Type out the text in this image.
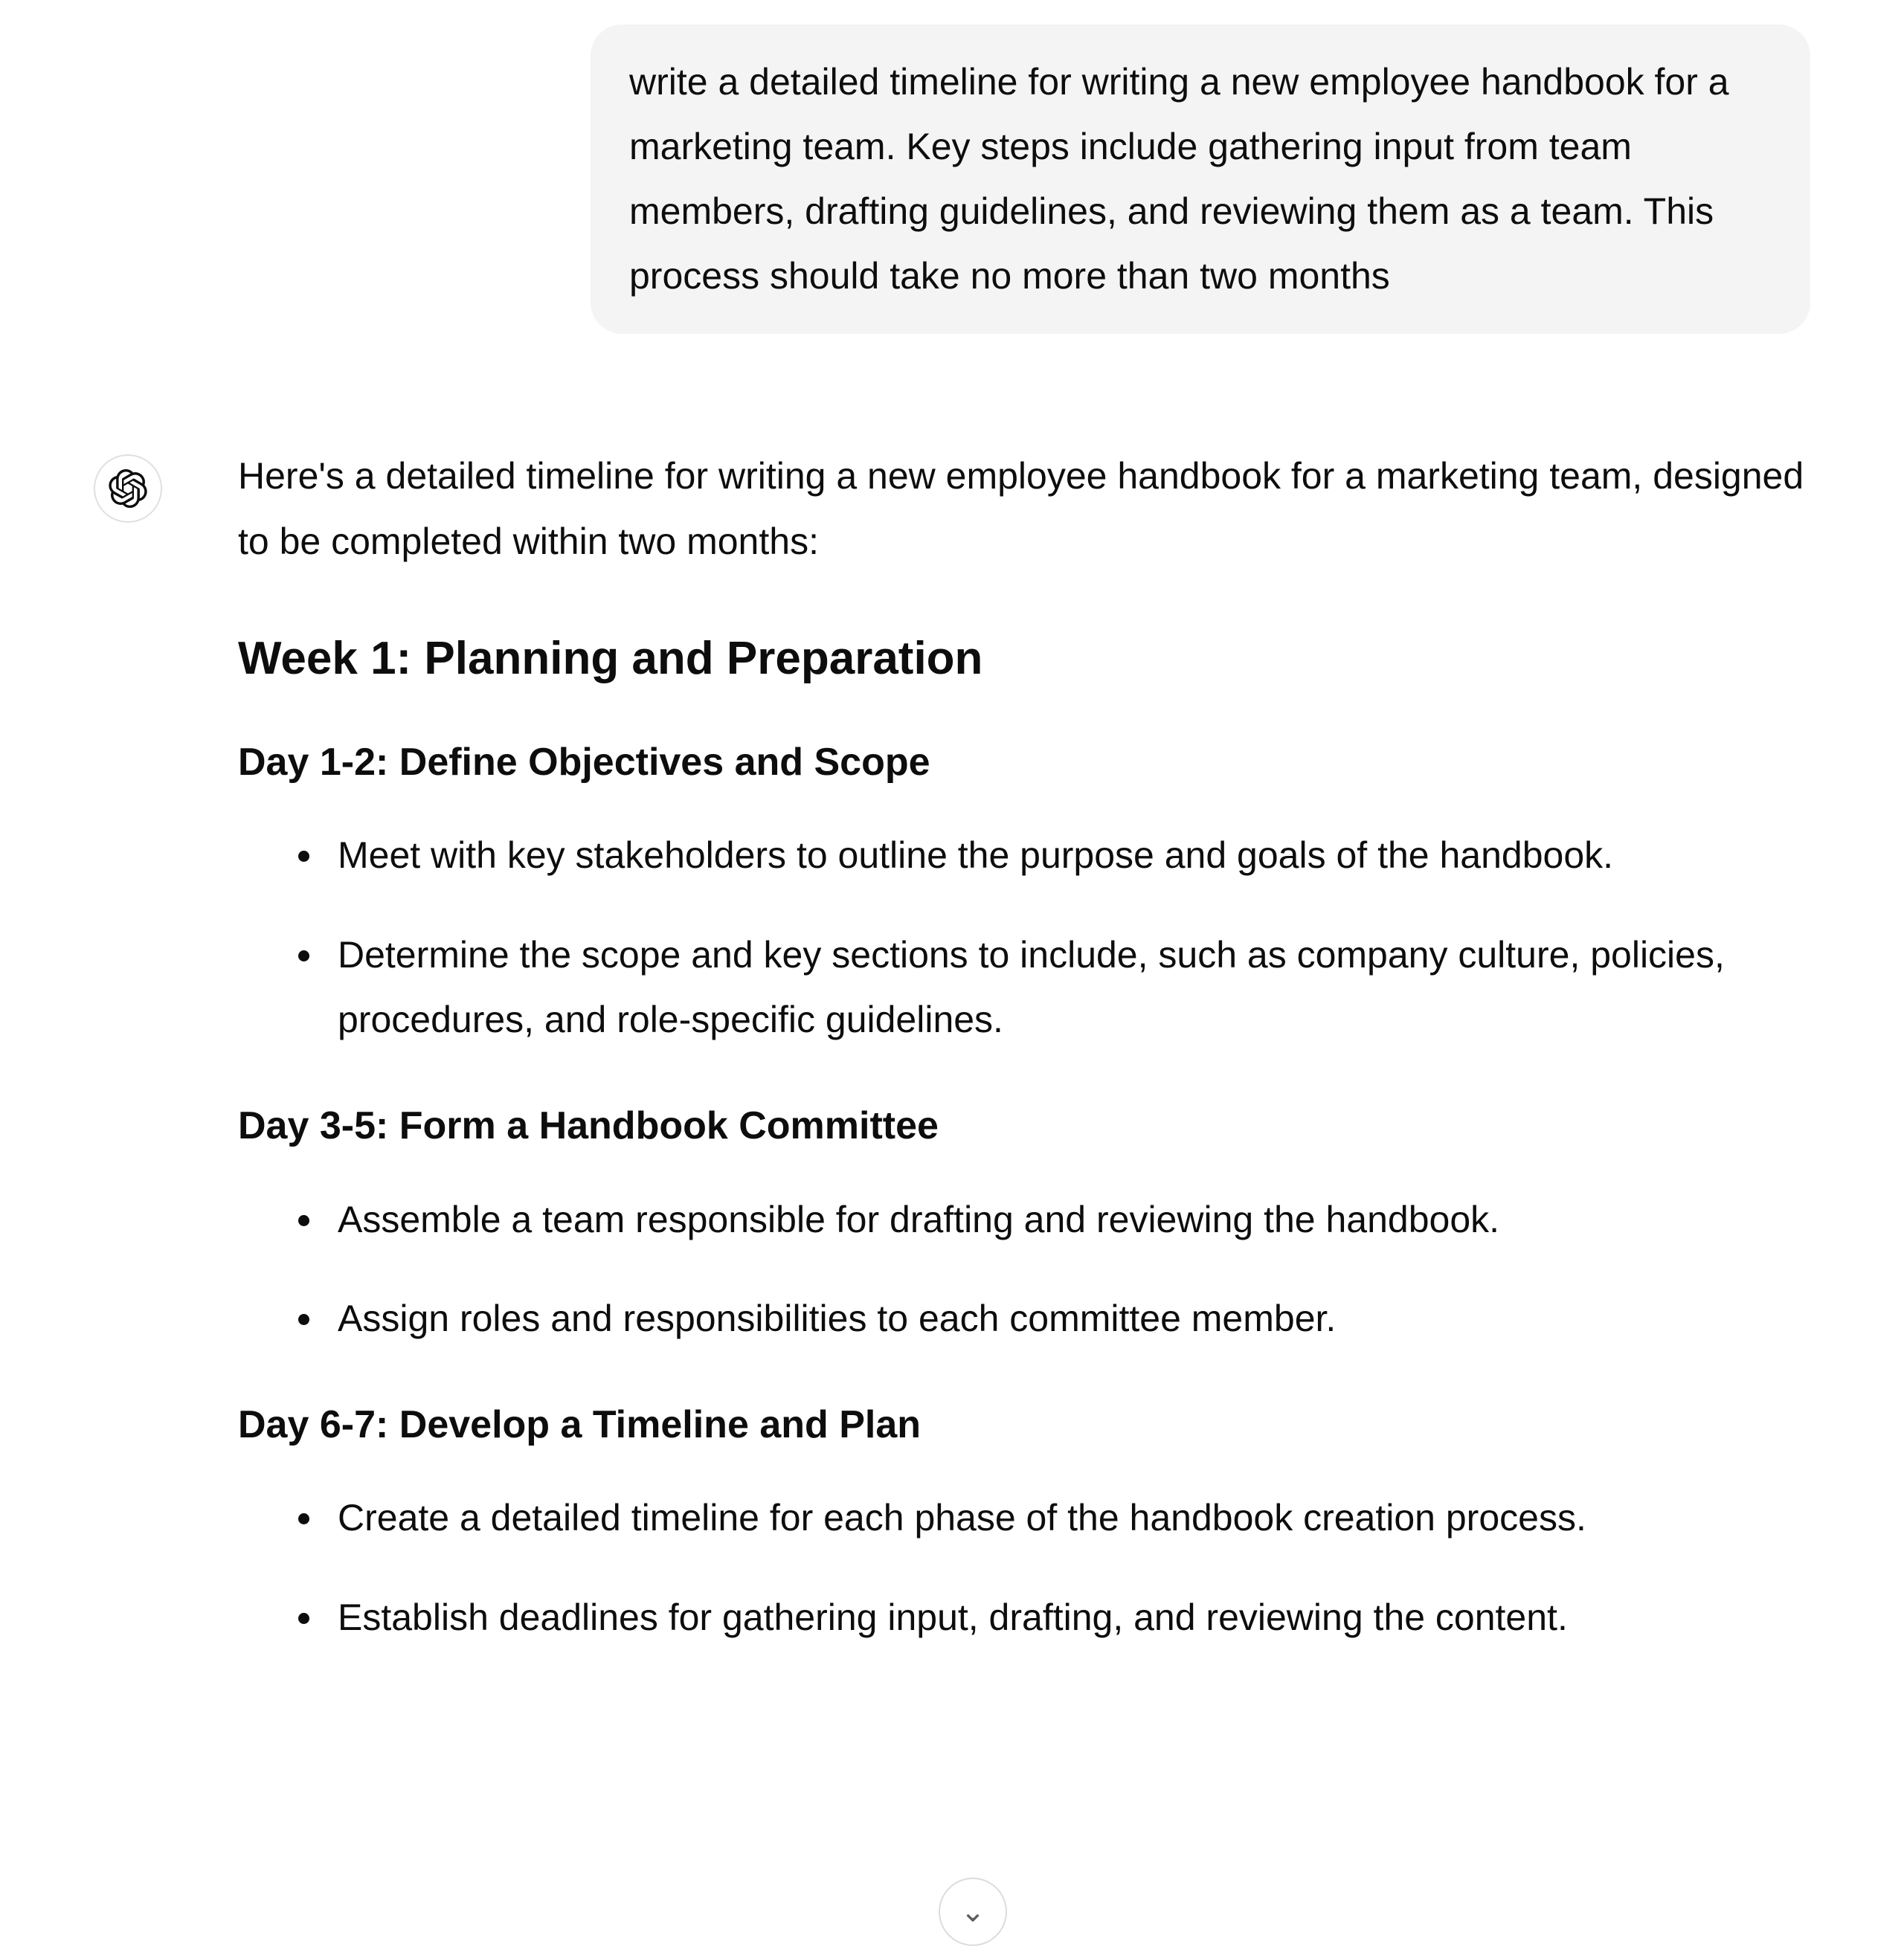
write a detailed timeline for writing a new employee handbook for a marketing team. Key steps include gathering input from team members, drafting guidelines, and reviewing them as a team. This process should take no more than two months

Here's a detailed timeline for writing a new employee handbook for a marketing team, designed to be completed within two months:

Week 1: Planning and Preparation
Day 1-2: Define Objectives and Scope
• Meet with key stakeholders to outline the purpose and goals of the handbook.
• Determine the scope and key sections to include, such as company culture, policies, procedures, and role-specific guidelines.
Day 3-5: Form a Handbook Committee
• Assemble a team responsible for drafting and reviewing the handbook.
• Assign roles and responsibilities to each committee member.
Day 6-7: Develop a Timeline and Plan
• Create a detailed timeline for each phase of the handbook creation process.
• Establish deadlines for gathering input, drafting, and reviewing the content.
⌄
